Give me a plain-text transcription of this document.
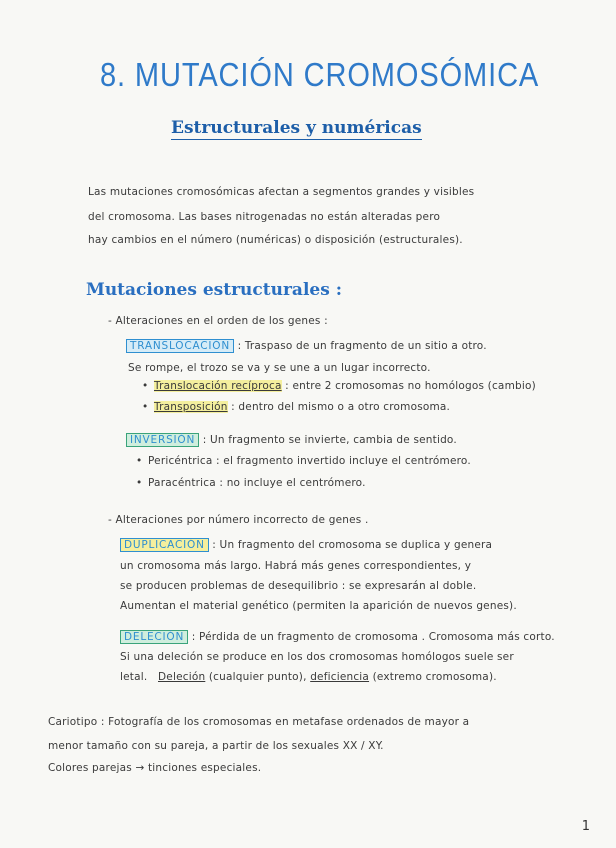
8. MUTACIÓN CROMOSÓMICA
Estructurales y numéricas
Las mutaciones cromosómicas afectan a segmentos grandes y visibles
del cromosoma. Las bases nitrogenadas no están alteradas pero
hay cambios en el número (numéricas) o disposición (estructurales).
Mutaciones estructurales :
- Alteraciones en el orden de los genes :
TRANSLOCACIÓN : Traspaso de un fragmento de un sitio a otro.
Se rompe, el trozo se va y se une a un lugar incorrecto.
• Translocación recíproca : entre 2 cromosomas no homólogos (cambio)
• Transposición : dentro del mismo o a otro cromosoma.
INVERSIÓN : Un fragmento se invierte, cambia de sentido.
• Pericéntrica : el fragmento invertido incluye el centrómero.
• Paracéntrica : no incluye el centrómero.
- Alteraciones por número incorrecto de genes .
DUPLICACIÓN : Un fragmento del cromosoma se duplica y genera
un cromosoma más largo. Habrá más genes correspondientes, y
se producen problemas de desequilibrio : se expresarán al doble.
Aumentan el material genético (permiten la aparición de nuevos genes).
DELECIÓN : Pérdida de un fragmento de cromosoma . Cromosoma más corto.
Si una deleción se produce en los dos cromosomas homólogos suele ser
letal. Deleción (cualquier punto), deficiencia (extremo cromosoma).
Cariotipo : Fotografía de los cromosomas en metafase ordenados de mayor a
menor tamaño con su pareja, a partir de los sexuales XX / XY.
Colores parejas → tinciones especiales.
1
